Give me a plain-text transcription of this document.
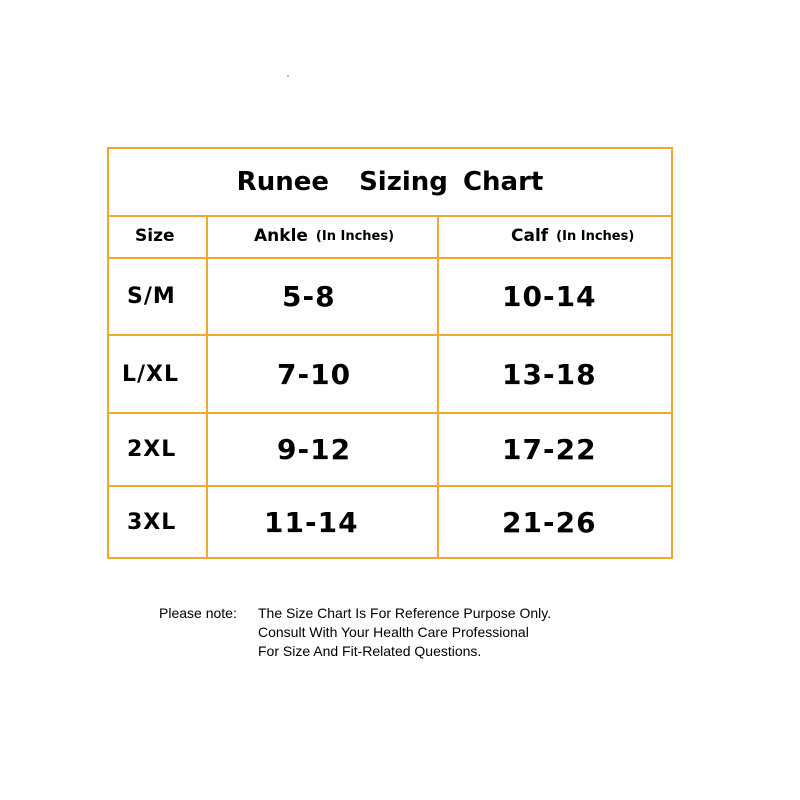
Runee  Sizing Chart
Size	Ankle (In Inches)	Calf (In Inches)
S/M	5-8	10-14
L/XL	7-10	13-18
2XL	9-12	17-22
3XL	11-14	21-26
Please note: The Size Chart Is For Reference Purpose Only.
Consult With Your Health Care Professional
For Size And Fit-Related Questions.
